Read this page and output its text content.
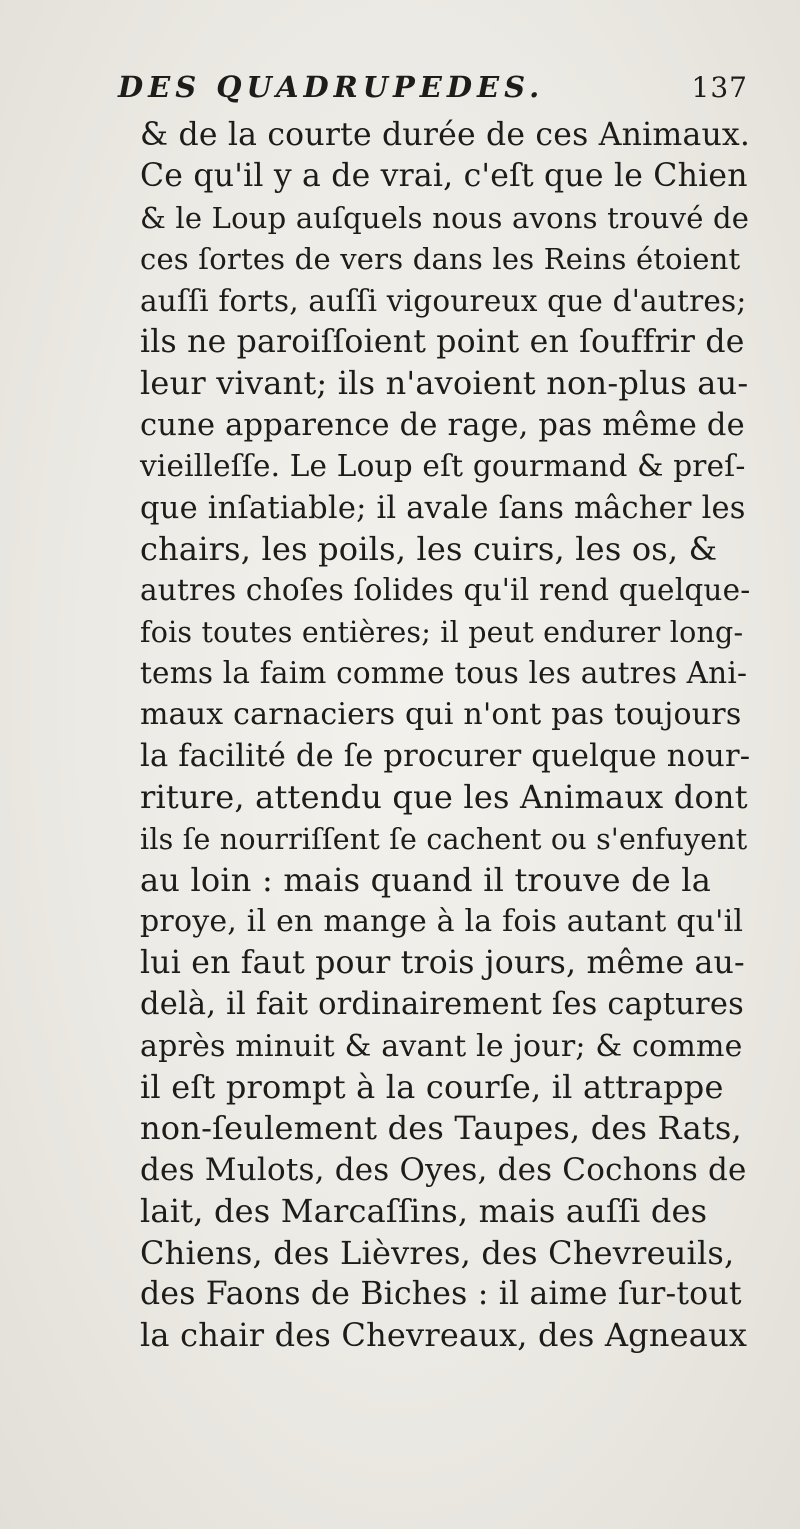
DES QUADRUPEDES.	137
& de la courte durée de ces Animaux.
Ce qu'il y a de vrai, c'eſt que le Chien
& le Loup auſquels nous avons trouvé de
ces ſortes de vers dans les Reins étoient
auſſi forts, auſſi vigoureux que d'autres;
ils ne paroiſſoient point en ſouffrir de
leur vivant; ils n'avoient non-plus au-
cune apparence de rage, pas même de
vieilleſſe. Le Loup eſt gourmand & preſ-
que inſatiable; il avale ſans mâcher les
chairs, les poils, les cuirs, les os, &
autres choſes ſolides qu'il rend quelque-
fois toutes entières; il peut endurer long-
tems la faim comme tous les autres Ani-
maux carnaciers qui n'ont pas toujours
la facilité de ſe procurer quelque nour-
riture, attendu que les Animaux dont
ils ſe nourriſſent ſe cachent ou s'enfuyent
au loin : mais quand il trouve de la
proye, il en mange à la fois autant qu'il
lui en faut pour trois jours, même au-
delà, il fait ordinairement ſes captures
après minuit & avant le jour; & comme
il eſt prompt à la courſe, il attrappe
non-ſeulement des Taupes, des Rats,
des Mulots, des Oyes, des Cochons de
lait, des Marcaſſins, mais auſſi des
Chiens, des Lièvres, des Chevreuils,
des Faons de Biches : il aime ſur-tout
la chair des Chevreaux, des Agneaux
